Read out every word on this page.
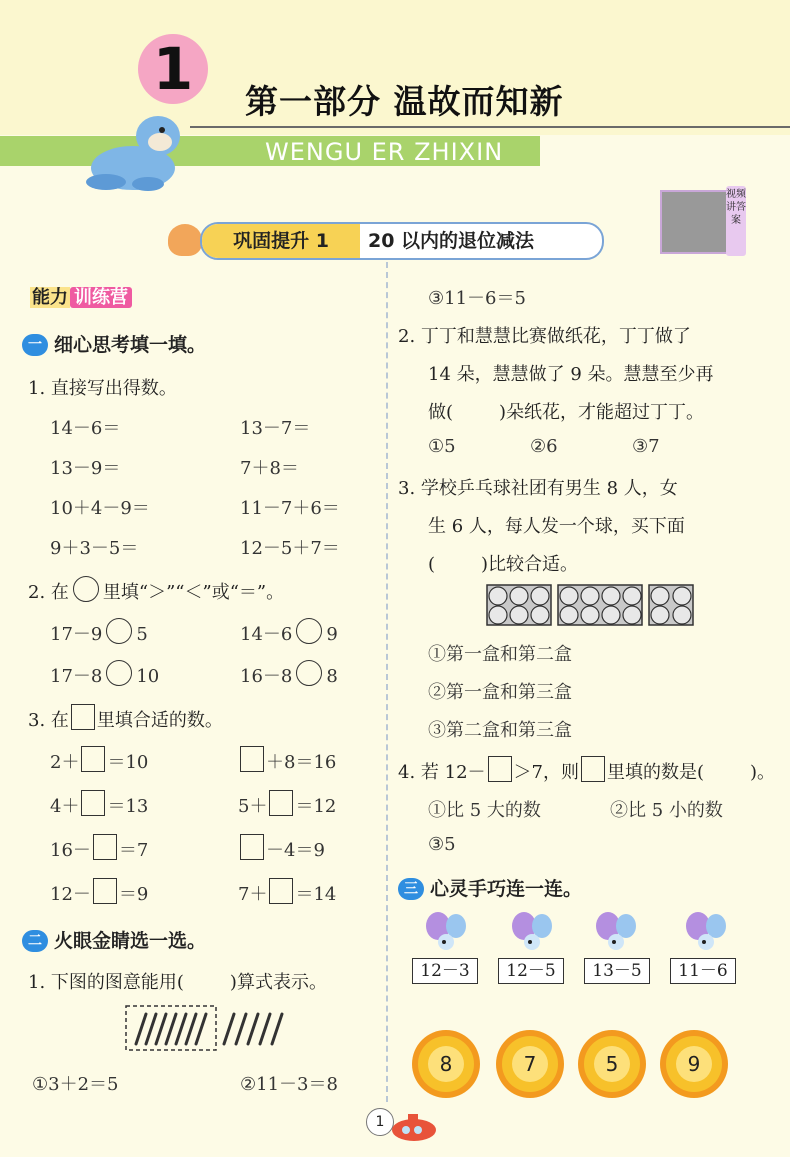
1	第一部分 温故而知新
WENGU ER ZHIXIN
视频讲答案
巩固提升 1	20 以内的退位减法
能力 训练营
一 细心思考填一填。
1. 直接写出得数。
14－6＝	13－7＝
13－9＝	7＋8＝
10＋4－9＝	11－7＋6＝
9＋3－5＝	12－5＋7＝
2. 在 里填“＞”“＜”或“＝”。
17－9 5	14－6 9
17－8 10	16－8 8
3. 在 里填合适的数。
2＋ ＝10	＋8＝16
4＋ ＝13	5＋ ＝12
16－ ＝7	－4＝9
12－ ＝9	7＋ ＝14
二 火眼金睛选一选。
1. 下图的图意能用(	)算式表示。
①3＋2＝5	②11－3＝8
③11－6＝5
2. 丁丁和慧慧比赛做纸花，丁丁做了
14 朵，慧慧做了 9 朵。慧慧至少再
做(	)朵纸花，才能超过丁丁。
①5	②6	③7
3. 学校乒乓球社团有男生 8 人，女
生 6 人，每人发一个球，买下面
(	)比较合适。
①第一盒和第二盒
②第一盒和第三盒
③第二盒和第三盒
4. 若 12－ ＞7，则 里填的数是(	)。
①比 5 大的数	②比 5 小的数
③5
三 心灵手巧连一连。
12－3	12－5	13－5	11－6
8	7	5	9
1
